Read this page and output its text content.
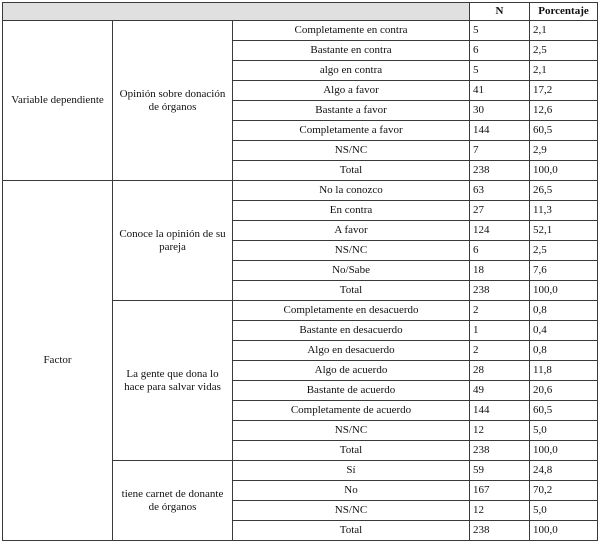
			N	Porcentaje
Variable dependiente	Opinión sobre donación de órganos	Completamente en contra	5	2,1
		Bastante en contra	6	2,5
		algo en contra	5	2,1
		Algo a favor	41	17,2
		Bastante a favor	30	12,6
		Completamente a favor	144	60,5
		NS/NC	7	2,9
		Total	238	100,0
Factor	Conoce la opinión de su pareja	No la conozco	63	26,5
		En contra	27	11,3
		A favor	124	52,1
		NS/NC	6	2,5
		No/Sabe	18	7,6
		Total	238	100,0
	La gente que dona lo hace para salvar vidas	Completamente en desacuerdo	2	0,8
		Bastante en desacuerdo	1	0,4
		Algo en desacuerdo	2	0,8
		Algo de acuerdo	28	11,8
		Bastante de acuerdo	49	20,6
		Completamente de acuerdo	144	60,5
		NS/NC	12	5,0
		Total	238	100,0
	tiene carnet de donante de órganos	Sí	59	24,8
		No	167	70,2
		NS/NC	12	5,0
		Total	238	100,0
